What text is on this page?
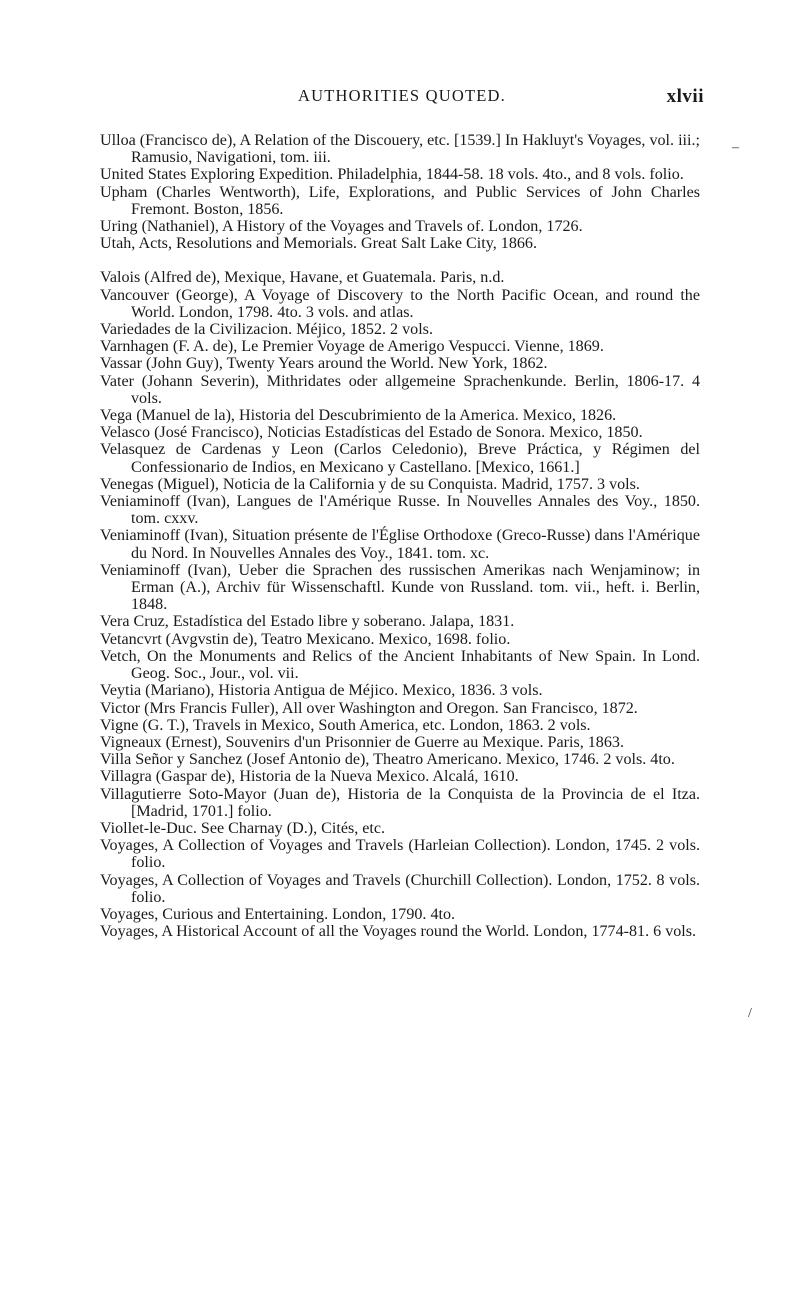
AUTHORITIES QUOTED.	xlvii
–
/

Ulloa (Francisco de), A Relation of the Discouery, etc. [1539.] In Hakluyt's Voyages, vol. iii.; Ramusio, Navigationi, tom. iii.

United States Exploring Expedition. Philadelphia, 1844-58. 18 vols. 4to., and 8 vols. folio.

Upham (Charles Wentworth), Life, Explorations, and Public Services of John Charles Fremont. Boston, 1856.

Uring (Nathaniel), A History of the Voyages and Travels of. London, 1726.

Utah, Acts, Resolutions and Memorials. Great Salt Lake City, 1866.

Valois (Alfred de), Mexique, Havane, et Guatemala. Paris, n.d.

Vancouver (George), A Voyage of Discovery to the North Pacific Ocean, and round the World. London, 1798. 4to. 3 vols. and atlas.

Variedades de la Civilizacion. Méjico, 1852. 2 vols.

Varnhagen (F. A. de), Le Premier Voyage de Amerigo Vespucci. Vienne, 1869.

Vassar (John Guy), Twenty Years around the World. New York, 1862.

Vater (Johann Severin), Mithridates oder allgemeine Sprachenkunde. Berlin, 1806-17. 4 vols.

Vega (Manuel de la), Historia del Descubrimiento de la America. Mexico, 1826.

Velasco (José Francisco), Noticias Estadísticas del Estado de Sonora. Mexico, 1850.

Velasquez de Cardenas y Leon (Carlos Celedonio), Breve Práctica, y Régimen del Confessionario de Indios, en Mexicano y Castellano. [Mexico, 1661.]

Venegas (Miguel), Noticia de la California y de su Conquista. Madrid, 1757. 3 vols.

Veniaminoff (Ivan), Langues de l'Amérique Russe. In Nouvelles Annales des Voy., 1850. tom. cxxv.

Veniaminoff (Ivan), Situation présente de l'Église Orthodoxe (Greco-Russe) dans l'Amérique du Nord. In Nouvelles Annales des Voy., 1841. tom. xc.

Veniaminoff (Ivan), Ueber die Sprachen des russischen Amerikas nach Wenjaminow; in Erman (A.), Archiv für Wissenschaftl. Kunde von Russland. tom. vii., heft. i. Berlin, 1848.

Vera Cruz, Estadística del Estado libre y soberano. Jalapa, 1831.

Vetancvrt (Avgvstin de), Teatro Mexicano. Mexico, 1698. folio.

Vetch, On the Monuments and Relics of the Ancient Inhabitants of New Spain. In Lond. Geog. Soc., Jour., vol. vii.

Veytia (Mariano), Historia Antigua de Méjico. Mexico, 1836. 3 vols.

Victor (Mrs Francis Fuller), All over Washington and Oregon. San Francisco, 1872.

Vigne (G. T.), Travels in Mexico, South America, etc. London, 1863. 2 vols.

Vigneaux (Ernest), Souvenirs d'un Prisonnier de Guerre au Mexique. Paris, 1863.

Villa Señor y Sanchez (Josef Antonio de), Theatro Americano. Mexico, 1746. 2 vols. 4to.

Villagra (Gaspar de), Historia de la Nueva Mexico. Alcalá, 1610.

Villagutierre Soto-Mayor (Juan de), Historia de la Conquista de la Provincia de el Itza. [Madrid, 1701.] folio.

Viollet-le-Duc. See Charnay (D.), Cités, etc.

Voyages, A Collection of Voyages and Travels (Harleian Collection). London, 1745. 2 vols. folio.

Voyages, A Collection of Voyages and Travels (Churchill Collection). London, 1752. 8 vols. folio.

Voyages, Curious and Entertaining. London, 1790. 4to.

Voyages, A Historical Account of all the Voyages round the World. London, 1774-81. 6 vols.
